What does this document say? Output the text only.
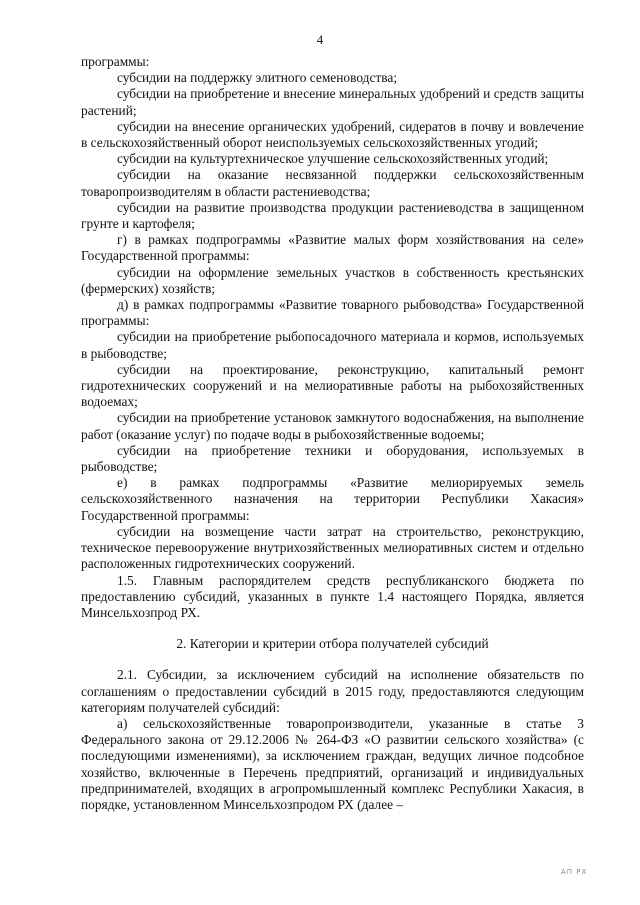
4

программы:

субсидии на поддержку элитного семеноводства;

субсидии на приобретение и внесение минеральных удобрений и средств защиты растений;

субсидии на внесение органических удобрений, сидератов в почву и вовлечение в сельскохозяйственный оборот неиспользуемых сельскохозяйственных угодий;

субсидии на культуртехническое улучшение сельскохозяйственных угодий;

субсидии на оказание несвязанной поддержки сельскохозяйственным товаропроизводителям в области растениеводства;

субсидии на развитие производства продукции растениеводства в защищенном грунте и картофеля;

г) в рамках подпрограммы «Развитие малых форм хозяйствования на селе» Государственной программы:

субсидии на оформление земельных участков в собственность крестьянских (фермерских) хозяйств;

д) в рамках подпрограммы «Развитие товарного рыбоводства» Государственной программы:

субсидии на приобретение рыбопосадочного материала и кормов, используемых в рыбоводстве;

субсидии на проектирование, реконструкцию, капитальный ремонт гидротехнических сооружений и на мелиоративные работы на рыбохозяйственных водоемах;

субсидии на приобретение установок замкнутого водоснабжения, на выполнение работ (оказание услуг) по подаче воды в рыбохозяйственные водоемы;

субсидии на приобретение техники и оборудования, используемых в рыбоводстве;

е) в рамках подпрограммы «Развитие мелиорируемых земель сельскохозяйственного назначения на территории Республики Хакасия» Государственной программы:

субсидии на возмещение части затрат на строительство, реконструкцию, техническое перевооружение внутрихозяйственных мелиоративных систем и отдельно расположенных гидротехнических сооружений.

1.5. Главным распорядителем средств республиканского бюджета по предоставлению субсидий, указанных в пункте 1.4 настоящего Порядка, является Минсельхозпрод РХ.

2. Категории и критерии отбора получателей субсидий

2.1. Субсидии, за исключением субсидий на исполнение обязательств по соглашениям о предоставлении субсидий в 2015 году, предоставляются следующим категориям получателей субсидий:

а) сельскохозяйственные товаропроизводители, указанные в статье 3 Федерального закона от 29.12.2006 № 264-ФЗ «О развитии сельского хозяйства» (с последующими изменениями), за исключением граждан, ведущих личное подсобное хозяйство, включенные в Перечень предприятий, организаций и индивидуальных предпринимателей, входящих в агропромышленный комплекс Республики Хакасия, в порядке, установленном Минсельхозпродом РХ (далее –

АП РХ
